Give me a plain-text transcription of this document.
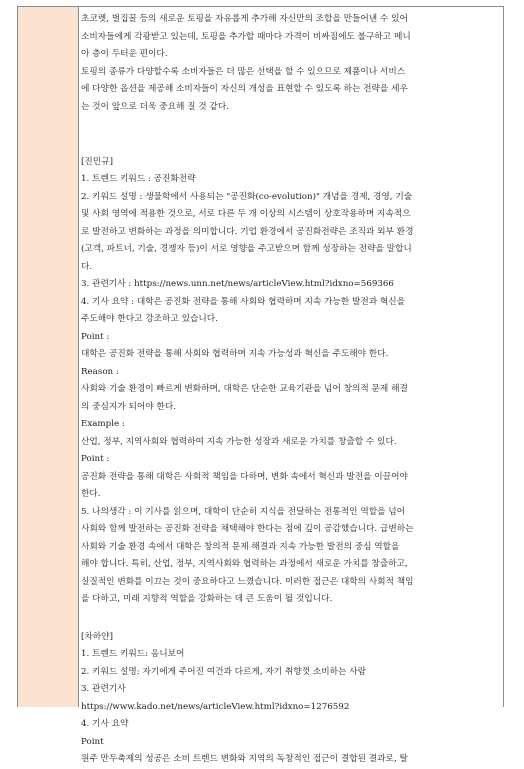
초코렛, 벌집꿀 등의 새로운 토핑을 자유롭게 추가해 자신만의 조합을 만들어낸 수 있어

소비자들에게 각광받고 있는데, 토핑을 추가할 때마다 가격이 비싸짐에도 불구하고 메니

아 층이 두터운 편이다.

토핑의 종류가 다양할수록 소비자들은 더 많은 선택을 할 수 있으므로 제품이나 서비스

에 다양한 옵션을 제공해 소비자들이 자신의 개성을 표현할 수 있도록 하는 전략을 세우

는 것이 앞으로 더욱 중요해 질 것 같다.

[진민규]

1. 트렌드 키워드 : 공진화전략

2. 키워드 설명 : 생물학에서 사용되는 "공진화(co-evolution)" 개념을 경제, 경영, 기술

및 사회 영역에 적용한 것으로, 서로 다른 두 개 이상의 시스템이 상호작용하며 지속적으

로 발전하고 변화하는 과정을 의미합니다. 기업 환경에서 공진화전략은 조직과 외부 환경

(고객, 파트너, 기술, 경쟁자 등)이 서로 영향을 주고받으며 함께 성장하는 전략을 말합니

다.

3. 관련기사 : https://news.unn.net/news/articleView.html?idxno=569366

4. 기사 요약 : 대학은 공진화 전략을 통해 사회와 협력하며 지속 가능한 발전과 혁신을

주도해야 한다고 강조하고 있습니다.

Point :

대학은 공진화 전략을 통해 사회와 협력하며 지속 가능성과 혁신을 주도해야 한다.

Reason :

사회와 기술 환경이 빠르게 변화하며, 대학은 단순한 교육기관을 넘어 창의적 문제 해결

의 중심지가 되어야 한다.

Example :

산업, 정부, 지역사회와 협력하여 지속 가능한 성장과 새로운 가치를 창출할 수 있다.

Point :

공진화 전략을 통해 대학은 사회적 책임을 다하며, 변화 속에서 혁신과 발전을 이끌어야

한다.

5. 나의생각 : 이 기사를 읽으며, 대학이 단순히 지식을 전달하는 전통적인 역할을 넘어

사회와 함께 발전하는 공진화 전략을 채택해야 한다는 점에 깊이 공감했습니다. 급변하는

사회와 기술 환경 속에서 대학은 창의적 문제 해결과 지속 가능한 발전의 중심 역할을

해야 합니다. 특히, 산업, 정부, 지역사회와 협력하는 과정에서 새로운 가치를 창출하고,

실질적인 변화를 이끄는 것이 중요하다고 느꼈습니다. 이러한 접근은 대학의 사회적 책임

을 다하고, 미래 지향적 역할을 강화하는 데 큰 도움이 될 것입니다.

[차하얀]

1. 트렌드 키워드: 옴니보어

2. 키워드 설명: 자기에게 주어진 여건과 다르게, 자기 취향껏 소비하는 사람

3. 관련기사

https://www.kado.net/news/articleView.html?idxno=1276592

4. 기사 요약

Point

원주 만두축제의 성공은 소비 트렌드 변화와 지역의 독창적인 접근이 결합된 결과로, 탈
